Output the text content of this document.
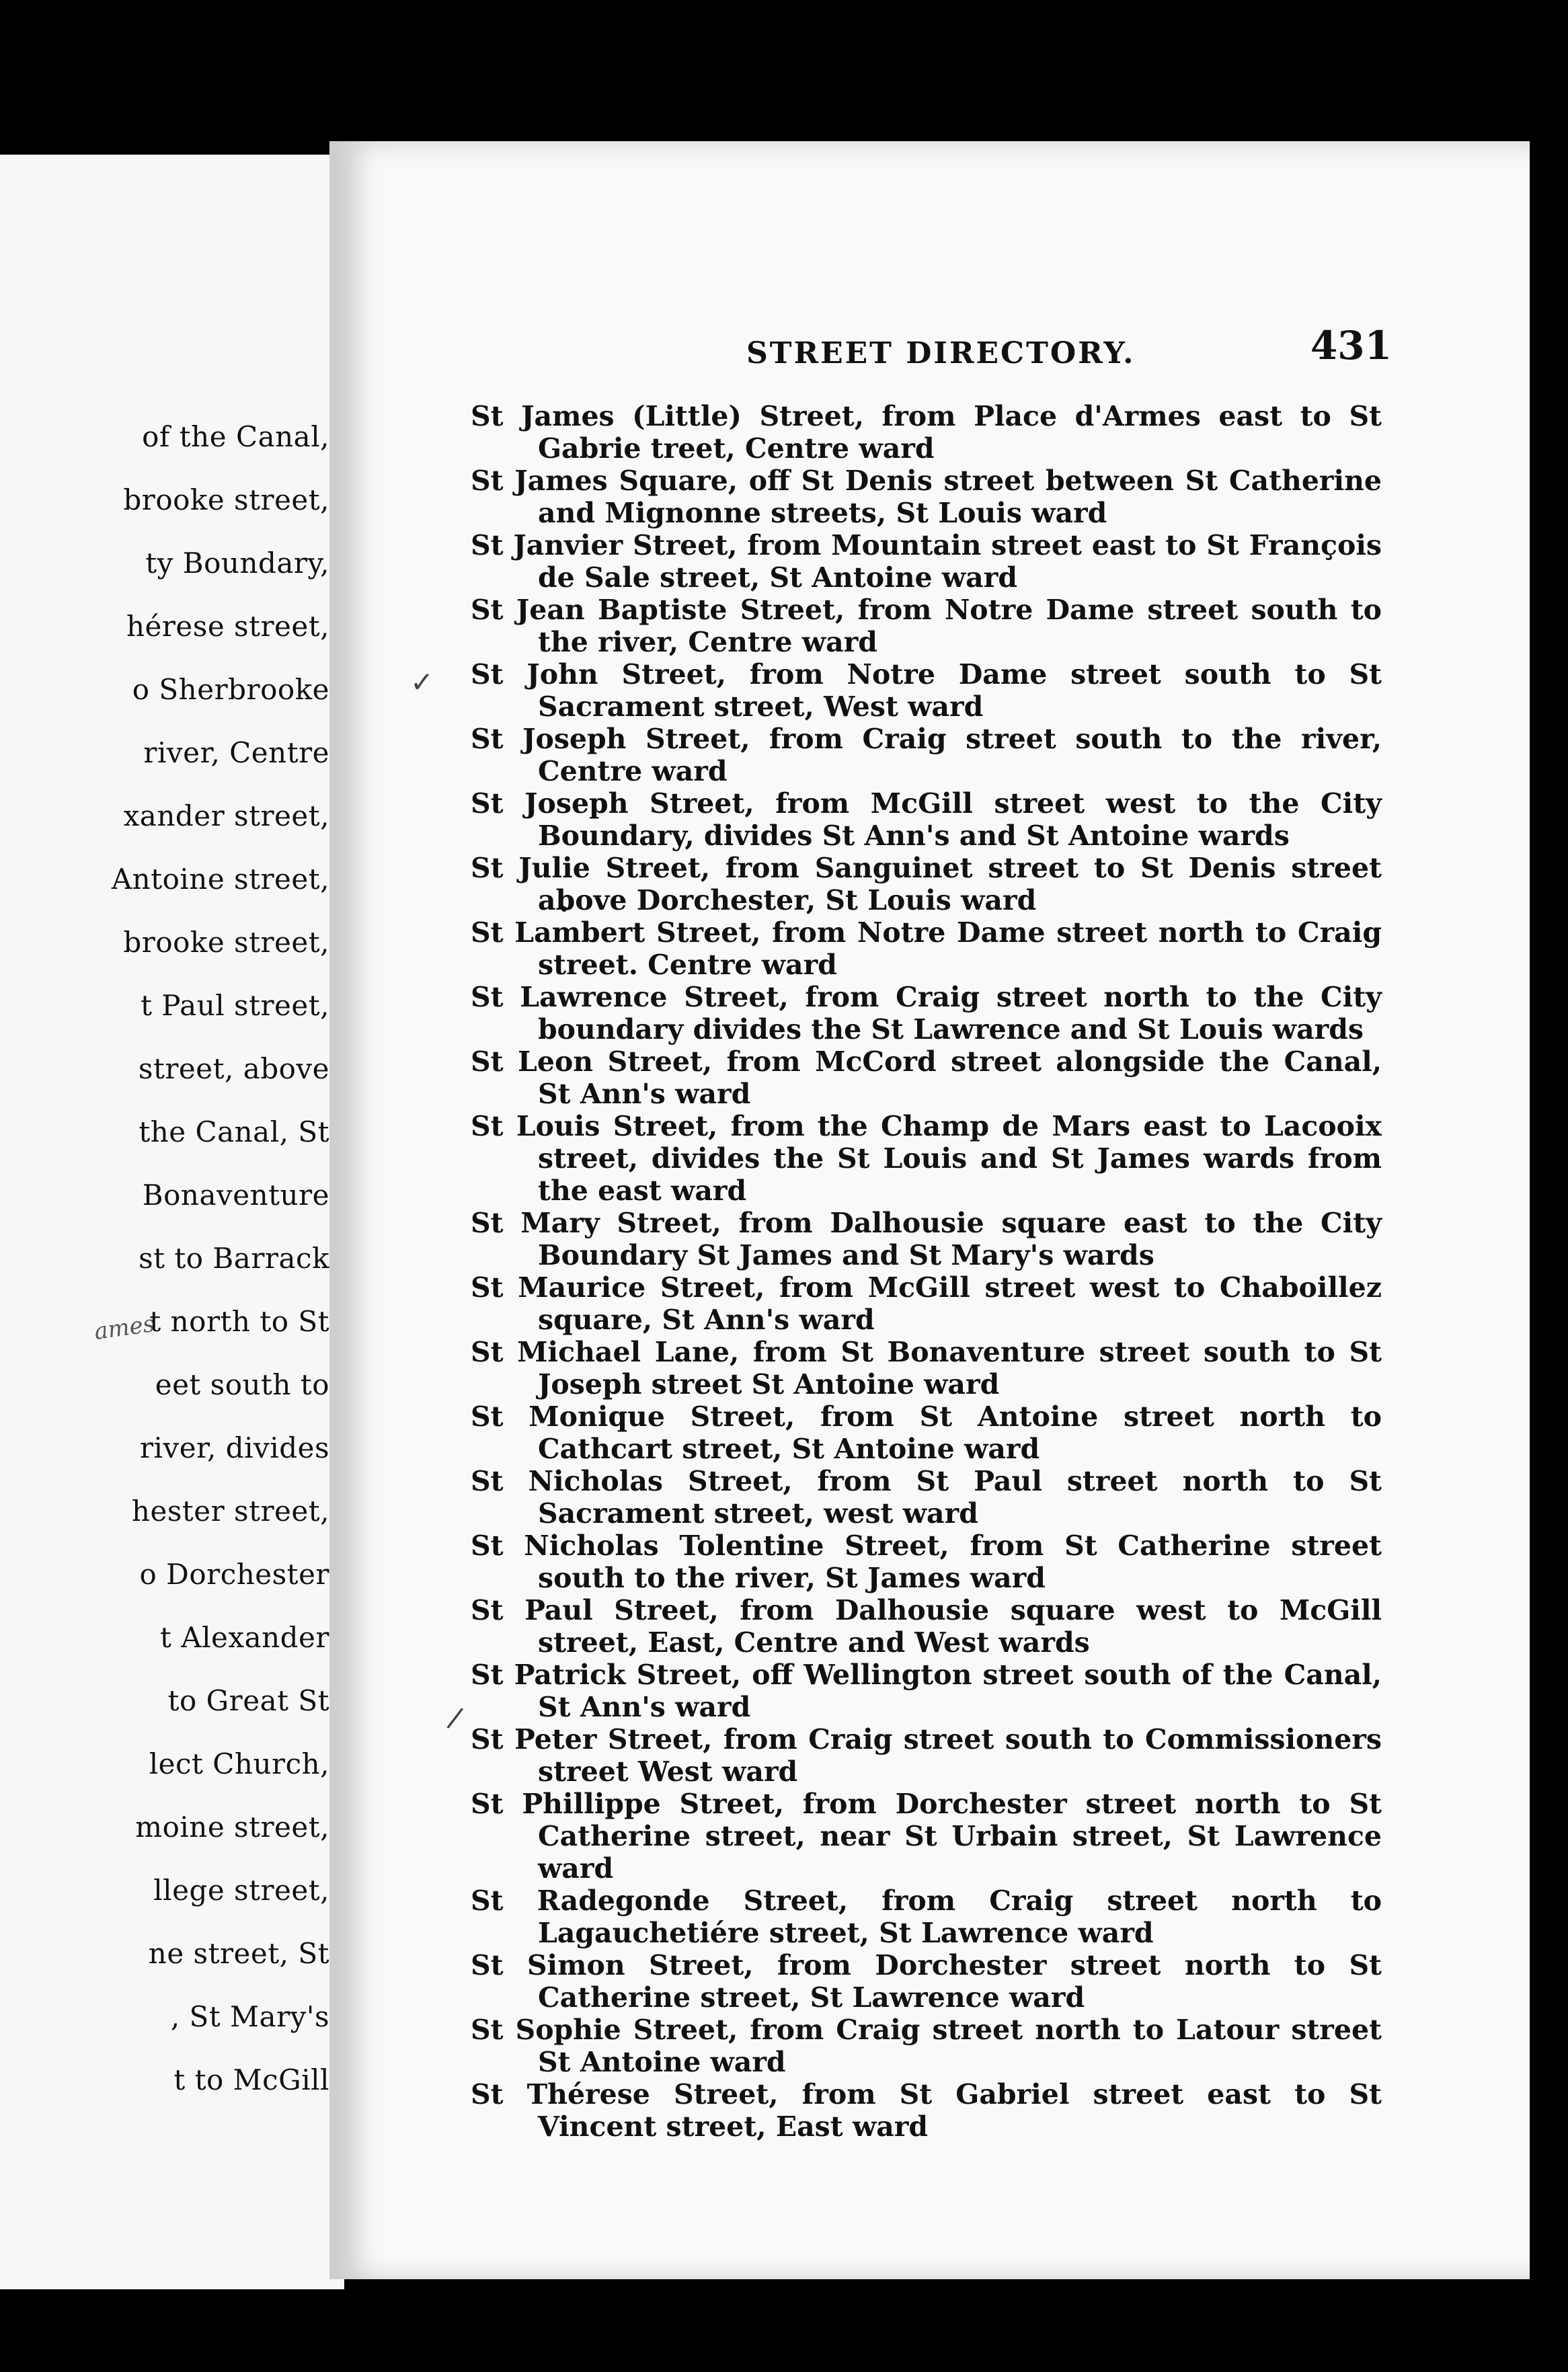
ames
of the Canal,
brooke street,
ty Boundary,
hérese street,
o Sherbrooke
river, Centre
xander street,
Antoine street,
brooke street,
t Paul street,
street, above
the Canal, St
Bonaventure
st to Barrack
t north to St
eet south to
river, divides
hester street,
o Dorchester
t Alexander
to Great St
lect Church,
moine street,
llege street,
ne street, St
, St Mary's
t to McGill
STREET DIRECTORY.	431
✓
/

St James (Little) Street, from Place d'Armes east to St Gabrie treet, Centre ward

St James Square, off St Denis street between St Catherine and Mignonne streets, St Louis ward

St Janvier Street, from Mountain street east to St François de Sale street, St Antoine ward

St Jean Baptiste Street, from Notre Dame street south to the river, Centre ward

St John Street, from Notre Dame street south to St Sacrament street, West ward

St Joseph Street, from Craig street south to the river, Centre ward

St Joseph Street, from McGill street west to the City Boundary, divides St Ann's and St Antoine wards

St Julie Street, from Sanguinet street to St Denis street above Dorchester, St Louis ward

St Lambert Street, from Notre Dame street north to Craig street. Centre ward

St Lawrence Street, from Craig street north to the City boundary divides the St Lawrence and St Louis wards

St Leon Street, from McCord street alongside the Canal, St Ann's ward

St Louis Street, from the Champ de Mars east to Lacooix street, divides the St Louis and St James wards from the east ward

St Mary Street, from Dalhousie square east to the City Boundary St James and St Mary's wards

St Maurice Street, from McGill street west to Chaboillez square, St Ann's ward

St Michael Lane, from St Bonaventure street south to St Joseph street St Antoine ward

St Monique Street, from St Antoine street north to Cathcart street, St Antoine ward

St Nicholas Street, from St Paul street north to St Sacrament street, west ward

St Nicholas Tolentine Street, from St Catherine street south to the river, St James ward

St Paul Street, from Dalhousie square west to McGill street, East, Centre and West wards

St Patrick Street, off Wellington street south of the Canal, St Ann's ward

St Peter Street, from Craig street south to Commissioners street West ward

St Phillippe Street, from Dorchester street north to St Catherine street, near St Urbain street, St Lawrence ward

St Radegonde Street, from Craig street north to Lagauchetiére street, St Lawrence ward

St Simon Street, from Dorchester street north to St Catherine street, St Lawrence ward

St Sophie Street, from Craig street north to Latour street St Antoine ward

St Thérese Street, from St Gabriel street east to St Vincent street, East ward
